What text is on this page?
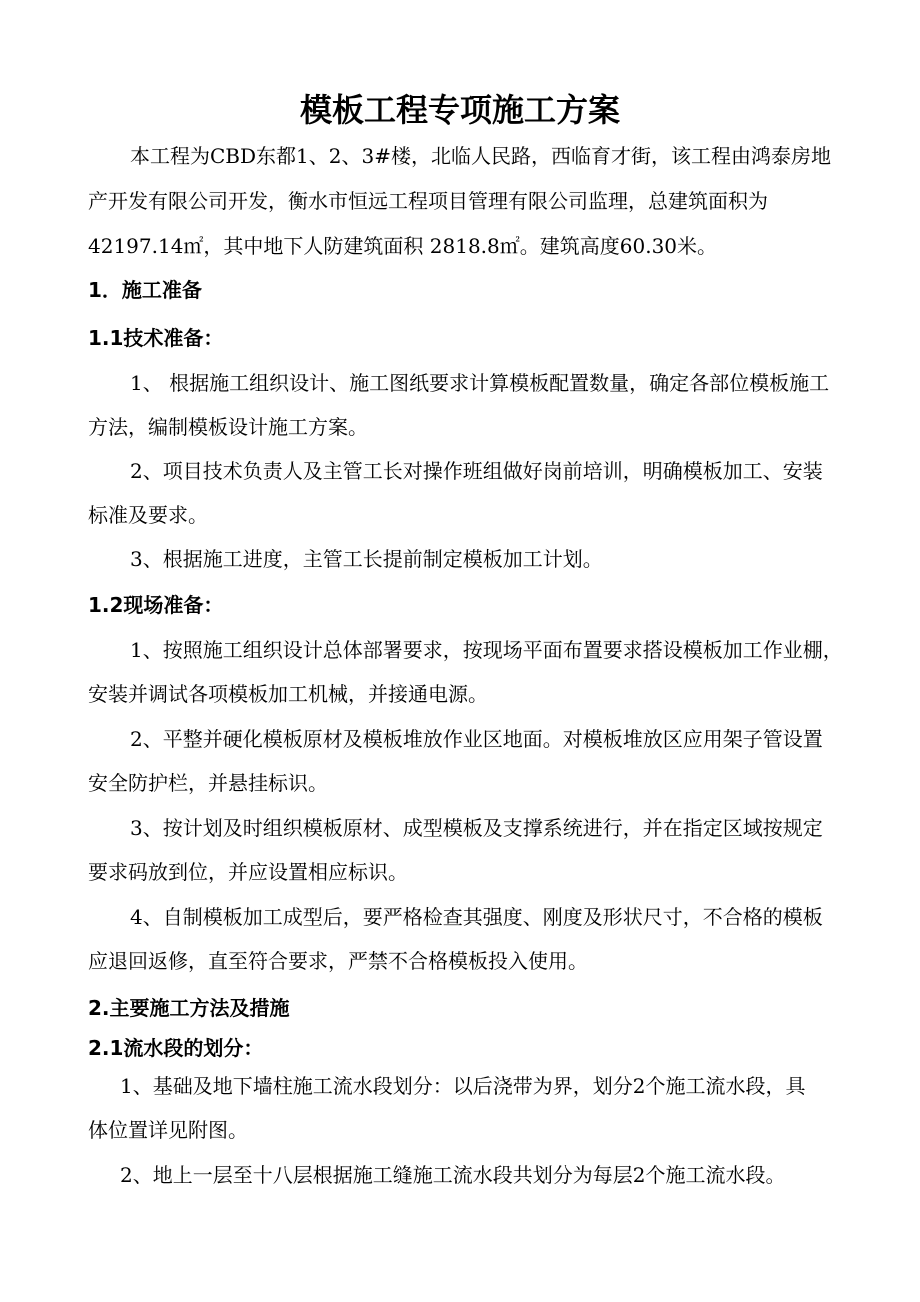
模板工程专项施工方案
本工程为CBD东都1、2、3#楼，北临人民路，西临育才街，该工程由鸿泰房地
产开发有限公司开发，衡水市恒远工程项目管理有限公司监理，总建筑面积为
42197.14㎡，其中地下人防建筑面积 2818.8㎡。建筑高度60.30米。
1．施工准备
1.1技术准备：
1、 根据施工组织设计、施工图纸要求计算模板配置数量，确定各部位模板施工
方法，编制模板设计施工方案。
2、项目技术负责人及主管工长对操作班组做好岗前培训，明确模板加工、安装
标准及要求。
3、根据施工进度，主管工长提前制定模板加工计划。
1.2现场准备：
1、按照施工组织设计总体部署要求，按现场平面布置要求搭设模板加工作业棚，
安装并调试各项模板加工机械，并接通电源。
2、平整并硬化模板原材及模板堆放作业区地面。对模板堆放区应用架子管设置
安全防护栏，并悬挂标识。
3、按计划及时组织模板原材、成型模板及支撑系统进行，并在指定区域按规定
要求码放到位，并应设置相应标识。
4、自制模板加工成型后，要严格检查其强度、刚度及形状尺寸，不合格的模板
应退回返修，直至符合要求，严禁不合格模板投入使用。
2.主要施工方法及措施
2.1流水段的划分：
1、基础及地下墙柱施工流水段划分：以后浇带为界，划分2个施工流水段，具
体位置详见附图。
2、地上一层至十八层根据施工缝施工流水段共划分为每层2个施工流水段。
